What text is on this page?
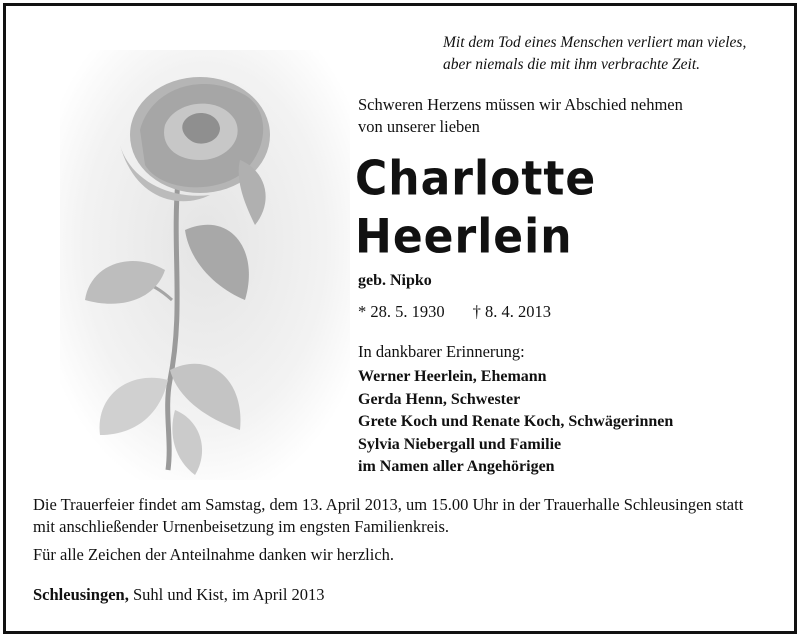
Mit dem Tod eines Menschen verliert man vieles,
aber niemals die mit ihm verbrachte Zeit.
Schweren Herzens müssen wir Abschied nehmen
von unserer lieben
Charlotte
Heerlein
geb. Nipko
* 28. 5. 1930 † 8. 4. 2013
In dankbarer Erinnerung:
Werner Heerlein, Ehemann
Gerda Henn, Schwester
Grete Koch und Renate Koch, Schwägerinnen
Sylvia Niebergall und Familie
im Namen aller Angehörigen
Die Trauerfeier findet am Samstag, dem 13. April 2013, um 15.00 Uhr in der Trauerhalle Schleusingen statt
mit anschließender Urnenbeisetzung im engsten Familienkreis.
Für alle Zeichen der Anteilnahme danken wir herzlich.
Schleusingen, Suhl und Kist, im April 2013
